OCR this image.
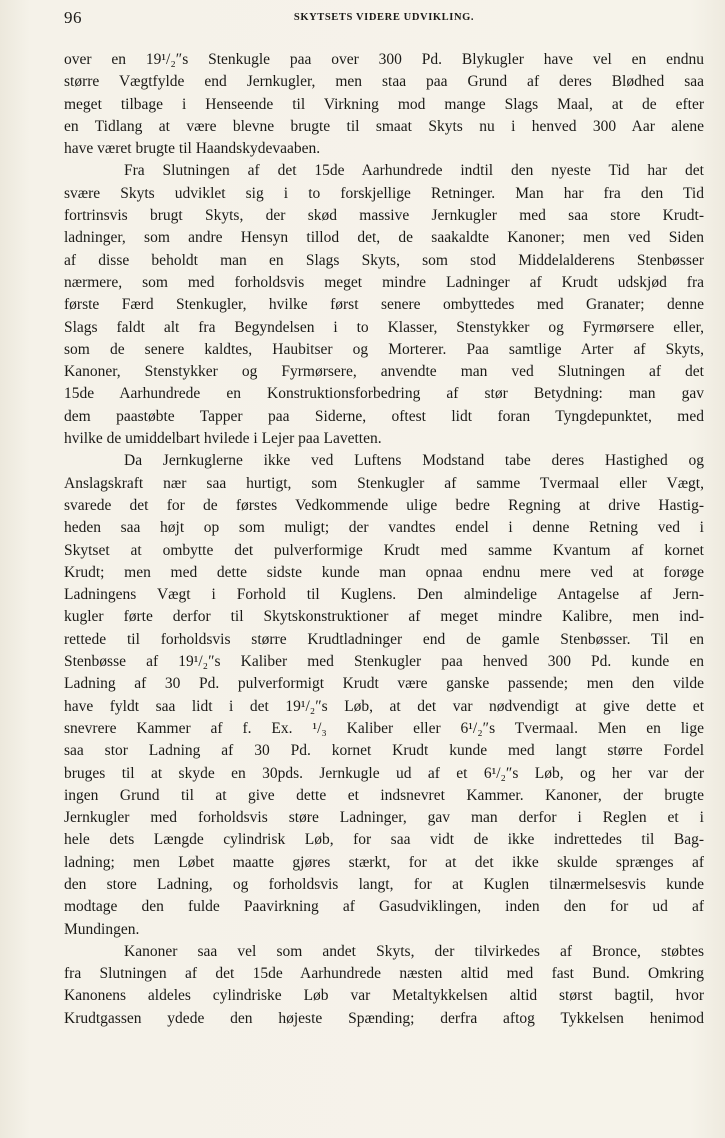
96	SKYTSETS VIDERE UDVIKLING.
over en 19¹/₂″s Stenkugle paa over 300 Pd. Blykugler have vel en endnu
større Vægtfylde end Jernkugler, men staa paa Grund af deres Blødhed saa
meget tilbage i Henseende til Virkning mod mange Slags Maal, at de efter
en Tidlang at være blevne brugte til smaat Skyts nu i henved 300 Aar alene
have været brugte til Haandskydevaaben.
Fra Slutningen af det 15de Aarhundrede indtil den nyeste Tid har det
svære Skyts udviklet sig i to forskjellige Retninger. Man har fra den Tid
fortrinsvis brugt Skyts, der skød massive Jernkugler med saa store Krudt-
ladninger, som andre Hensyn tillod det, de saakaldte Kanoner; men ved Siden
af disse beholdt man en Slags Skyts, som stod Middelalderens Stenbøsser
nærmere, som med forholdsvis meget mindre Ladninger af Krudt udskjød fra
første Færd Stenkugler, hvilke først senere ombyttedes med Granater; denne
Slags faldt alt fra Begyndelsen i to Klasser, Stenstykker og Fyrmørsere eller,
som de senere kaldtes, Haubitser og Morterer. Paa samtlige Arter af Skyts,
Kanoner, Stenstykker og Fyrmørsere, anvendte man ved Slutningen af det
15de Aarhundrede en Konstruktionsforbedring af stør Betydning: man gav
dem paastøbte Tapper paa Siderne, oftest lidt foran Tyngdepunktet, med
hvilke de umiddelbart hvilede i Lejer paa Lavetten.
Da Jernkuglerne ikke ved Luftens Modstand tabe deres Hastighed og
Anslagskraft nær saa hurtigt, som Stenkugler af samme Tvermaal eller Vægt,
svarede det for de førstes Vedkommende ulige bedre Regning at drive Hastig-
heden saa højt op som muligt; der vandtes endel i denne Retning ved i
Skytset at ombytte det pulverformige Krudt med samme Kvantum af kornet
Krudt; men med dette sidste kunde man opnaa endnu mere ved at forøge
Ladningens Vægt i Forhold til Kuglens. Den almindelige Antagelse af Jern-
kugler førte derfor til Skytskonstruktioner af meget mindre Kalibre, men ind-
rettede til forholdsvis større Krudtladninger end de gamle Stenbøsser. Til en
Stenbøsse af 19¹/₂″s Kaliber med Stenkugler paa henved 300 Pd. kunde en
Ladning af 30 Pd. pulverformigt Krudt være ganske passende; men den vilde
have fyldt saa lidt i det 19¹/₂″s Løb, at det var nødvendigt at give dette et
snevrere Kammer af f. Ex. ¹/₃ Kaliber eller 6¹/₂″s Tvermaal. Men en lige
saa stor Ladning af 30 Pd. kornet Krudt kunde med langt større Fordel
bruges til at skyde en 30pds. Jernkugle ud af et 6¹/₂″s Løb, og her var der
ingen Grund til at give dette et indsnevret Kammer. Kanoner, der brugte
Jernkugler med forholdsvis støre Ladninger, gav man derfor i Reglen et i
hele dets Længde cylindrisk Løb, for saa vidt de ikke indrettedes til Bag-
ladning; men Løbet maatte gjøres stærkt, for at det ikke skulde sprænges af
den store Ladning, og forholdsvis langt, for at Kuglen tilnærmelsesvis kunde
modtage den fulde Paavirkning af Gasudviklingen, inden den for ud af
Mundingen.
Kanoner saa vel som andet Skyts, der tilvirkedes af Bronce, støbtes
fra Slutningen af det 15de Aarhundrede næsten altid med fast Bund. Omkring
Kanonens aldeles cylindriske Løb var Metaltykkelsen altid størst bagtil, hvor
Krudtgassen ydede den højeste Spænding; derfra aftog Tykkelsen henimod
